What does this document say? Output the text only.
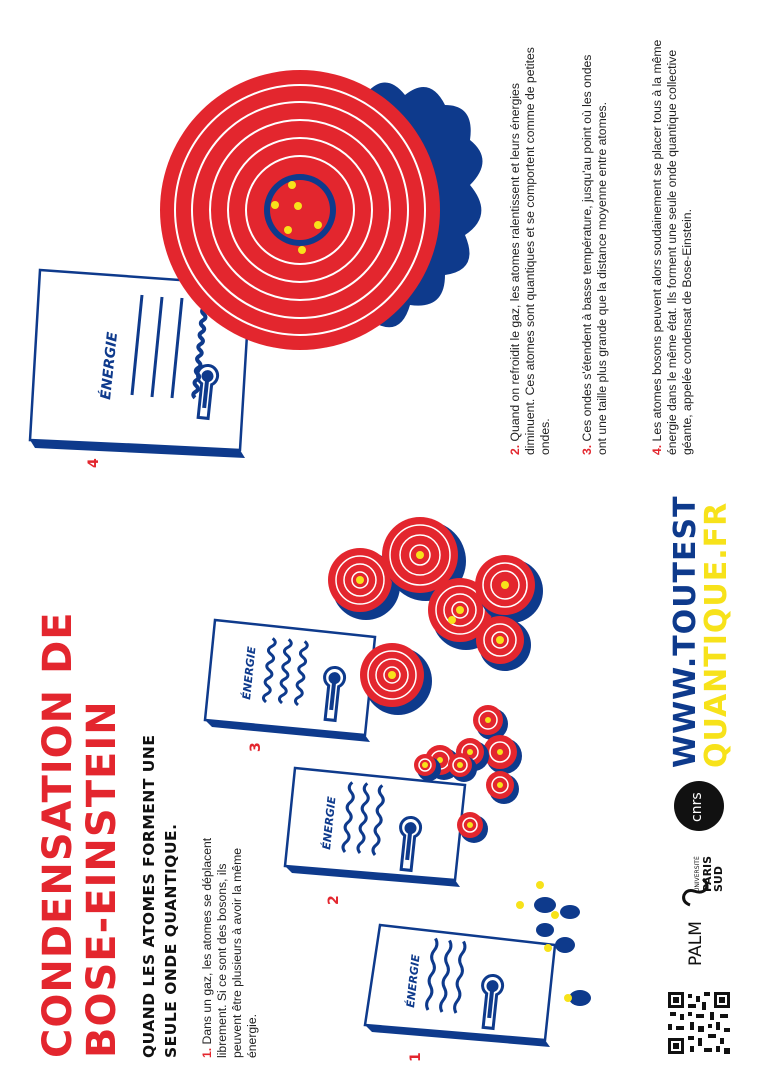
ÉNERGIE
ÉNERGIE
ÉNERGIE
ÉNERGIE
CONDENSATION DE
BOSE-EINSTEIN QUAND LES ATOMES FORMENT UNE SEULE ONDE QUANTIQUE. 1. Dans un gaz, les atomes se déplacent librement. Si ce sont des bosons, ils peuvent être plusieurs à avoir la même énergie.
2. Quand on refroidit le gaz, les atomes ralentissent et leurs énergies diminuent. Ces atomes sont quantiques et se comportent comme de petites ondes. 3. Ces ondes s'étendent à basse température, jusqu'au point où les ondes ont une taille plus grande que la distance moyenne entre atomes.	4. Les atomes bosons peuvent alors soudainement se placer tous à la même énergie dans le même état. Ils forment une seule onde quantique collective géante, appelée condensat de Bose-Einstein.
1
2
3
4
WWW.TOUTEST
QUANTIQUE.FR
PALM
UNIVERSITÉ PARIS SUD
cnrs
